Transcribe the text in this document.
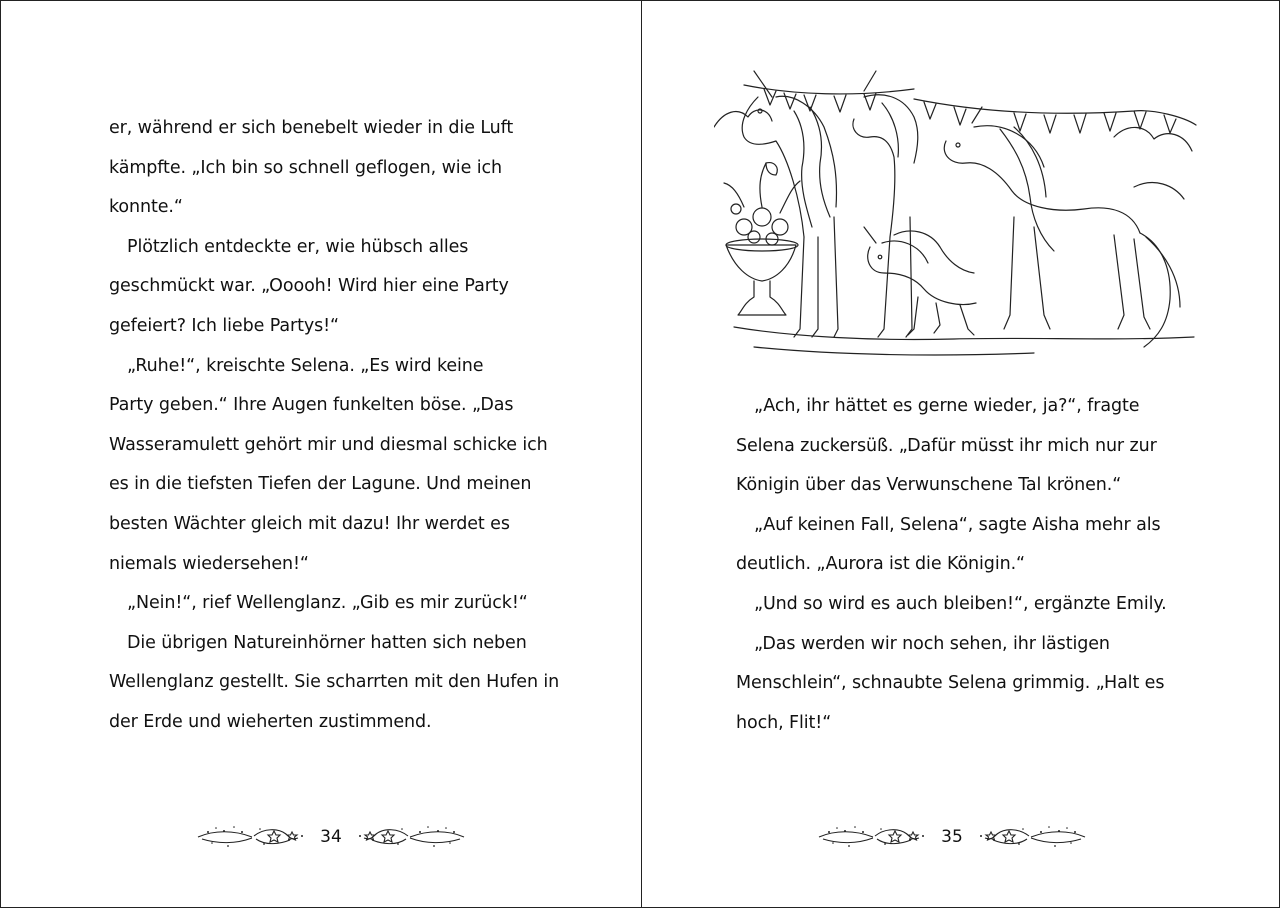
er, während er sich benebelt wieder in die Luft
kämpfte. „Ich bin so schnell geflogen, wie ich
konnte.“
Plötzlich entdeckte er, wie hübsch alles
geschmückt war. „Ooooh! Wird hier eine Party
gefeiert? Ich liebe Partys!“
„Ruhe!“, kreischte Selena. „Es wird keine
Party geben.“ Ihre Augen funkelten böse. „Das
Wasseramulett gehört mir und diesmal schicke ich
es in die tiefsten Tiefen der Lagune. Und meinen
besten Wächter gleich mit dazu! Ihr werdet es
niemals wiedersehen!“
„Nein!“, rief Wellenglanz. „Gib es mir zurück!“
Die übrigen Natureinhörner hatten sich neben
Wellenglanz gestellt. Sie scharrten mit den Hufen in
der Erde und wieherten zustimmend.
34
„Ach, ihr hättet es gerne wieder, ja?“, fragte
Selena zuckersüß. „Dafür müsst ihr mich nur zur
Königin über das Verwunschene Tal krönen.“
„Auf keinen Fall, Selena“, sagte Aisha mehr als
deutlich. „Aurora ist die Königin.“
„Und so wird es auch bleiben!“, ergänzte Emily.
„Das werden wir noch sehen, ihr lästigen
Menschlein“, schnaubte Selena grimmig. „Halt es
hoch, Flit!“
35
